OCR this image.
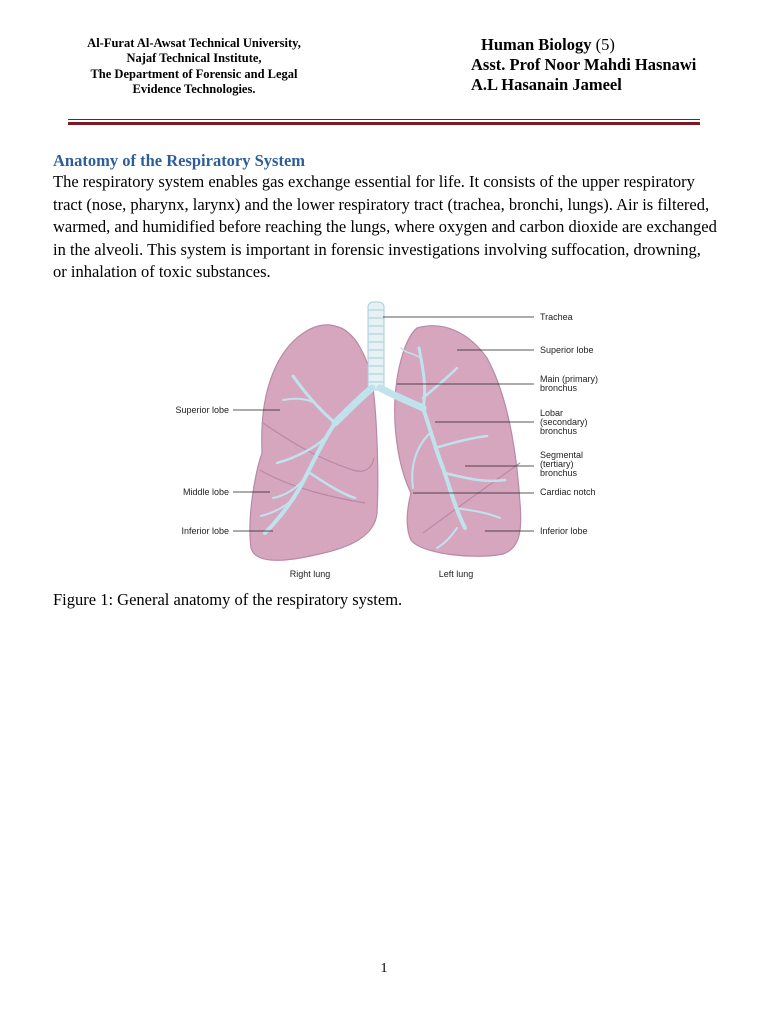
Al-Furat Al-Awsat Technical University,
Najaf Technical Institute,
The Department of Forensic and Legal
Evidence Technologies.
Human Biology (5)
Asst. Prof Noor Mahdi Hasnawi
A.L Hasanain Jameel
Anatomy of the Respiratory System

The respiratory system enables gas exchange essential for life. It consists of the upper respiratory tract (nose, pharynx, larynx) and the lower respiratory tract (trachea, bronchi, lungs). Air is filtered, warmed, and humidified before reaching the lungs, where oxygen and carbon dioxide are exchanged in the alveoli. This system is important in forensic investigations involving suffocation, drowning, or inhalation of toxic substances.

Trachea
Superior lobe
Main (primary)
bronchus
Lobar
(secondary)
bronchus
Segmental
(tertiary)
bronchus
Cardiac notch
Inferior lobe
Superior lobe
Middle lobe
Inferior lobe
Right lung	Left lung
Figure 1: General anatomy of the respiratory system.
1
